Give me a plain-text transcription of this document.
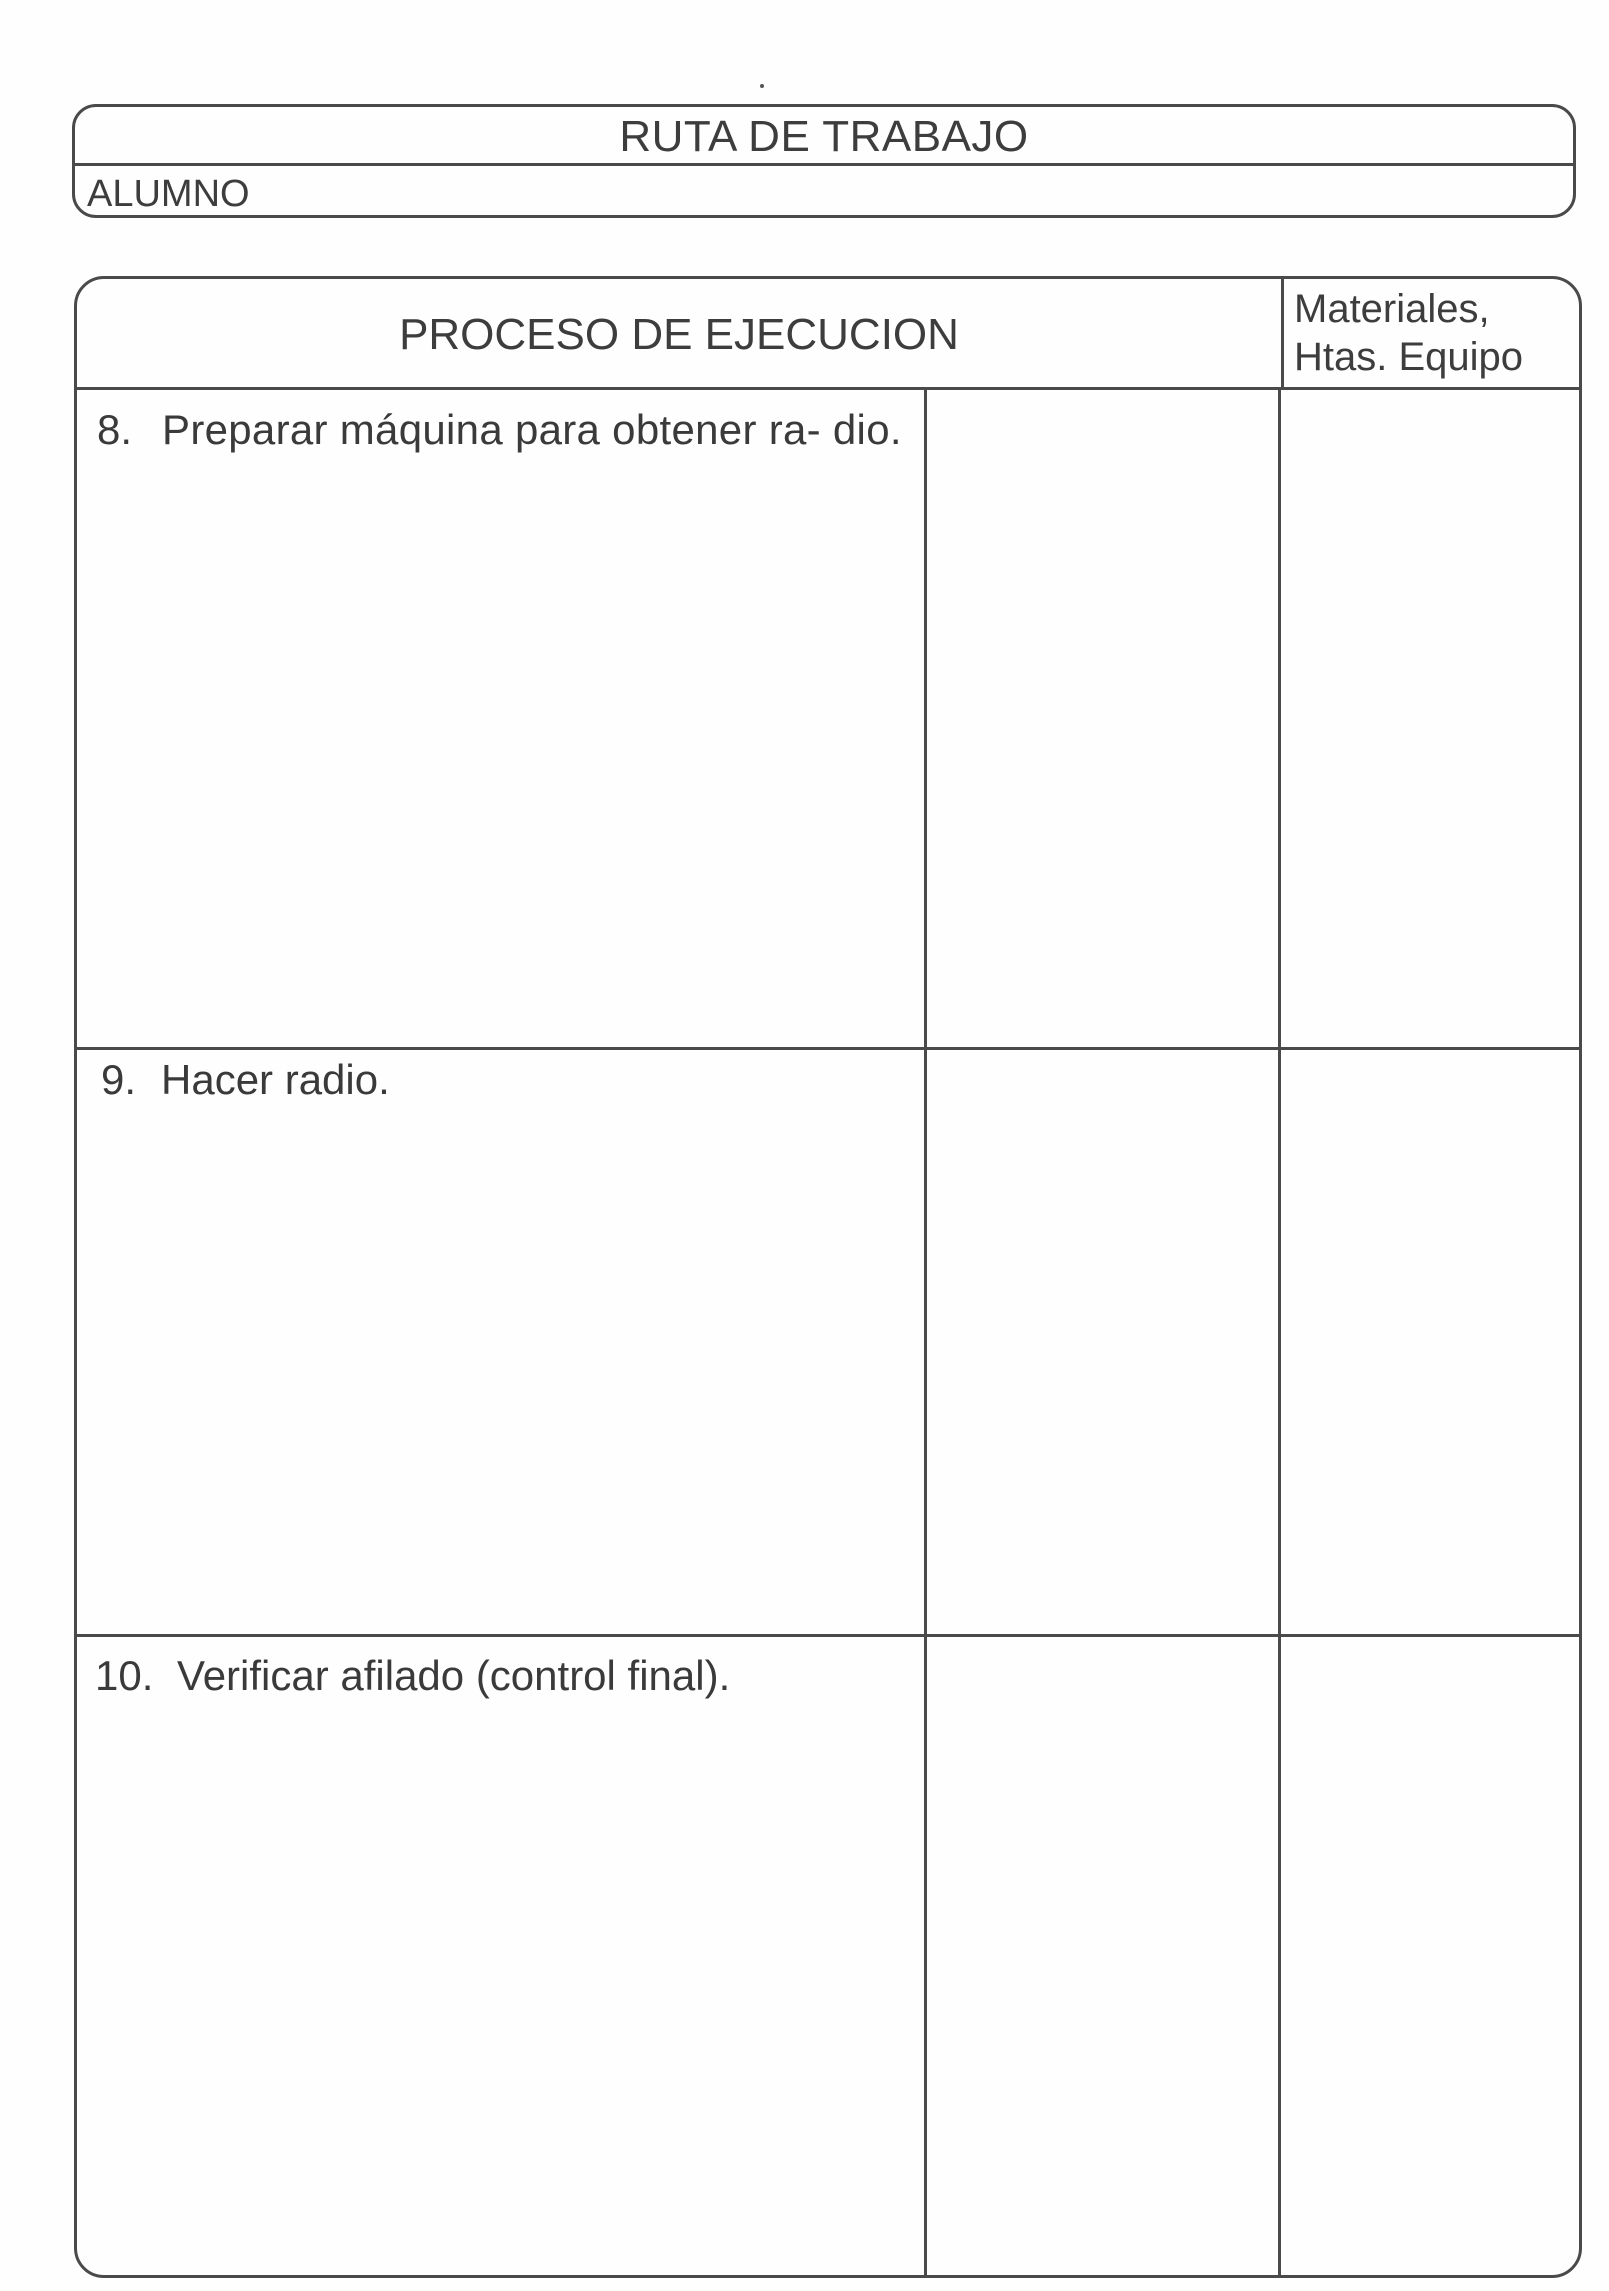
RUTA DE TRABAJO
ALUMNO
PROCESO DE EJECUCION
Materiales,
Htas. Equipo
8. Preparar máquina para obtener ra- dio.
9. Hacer radio.
10. Verificar afilado (control final).
